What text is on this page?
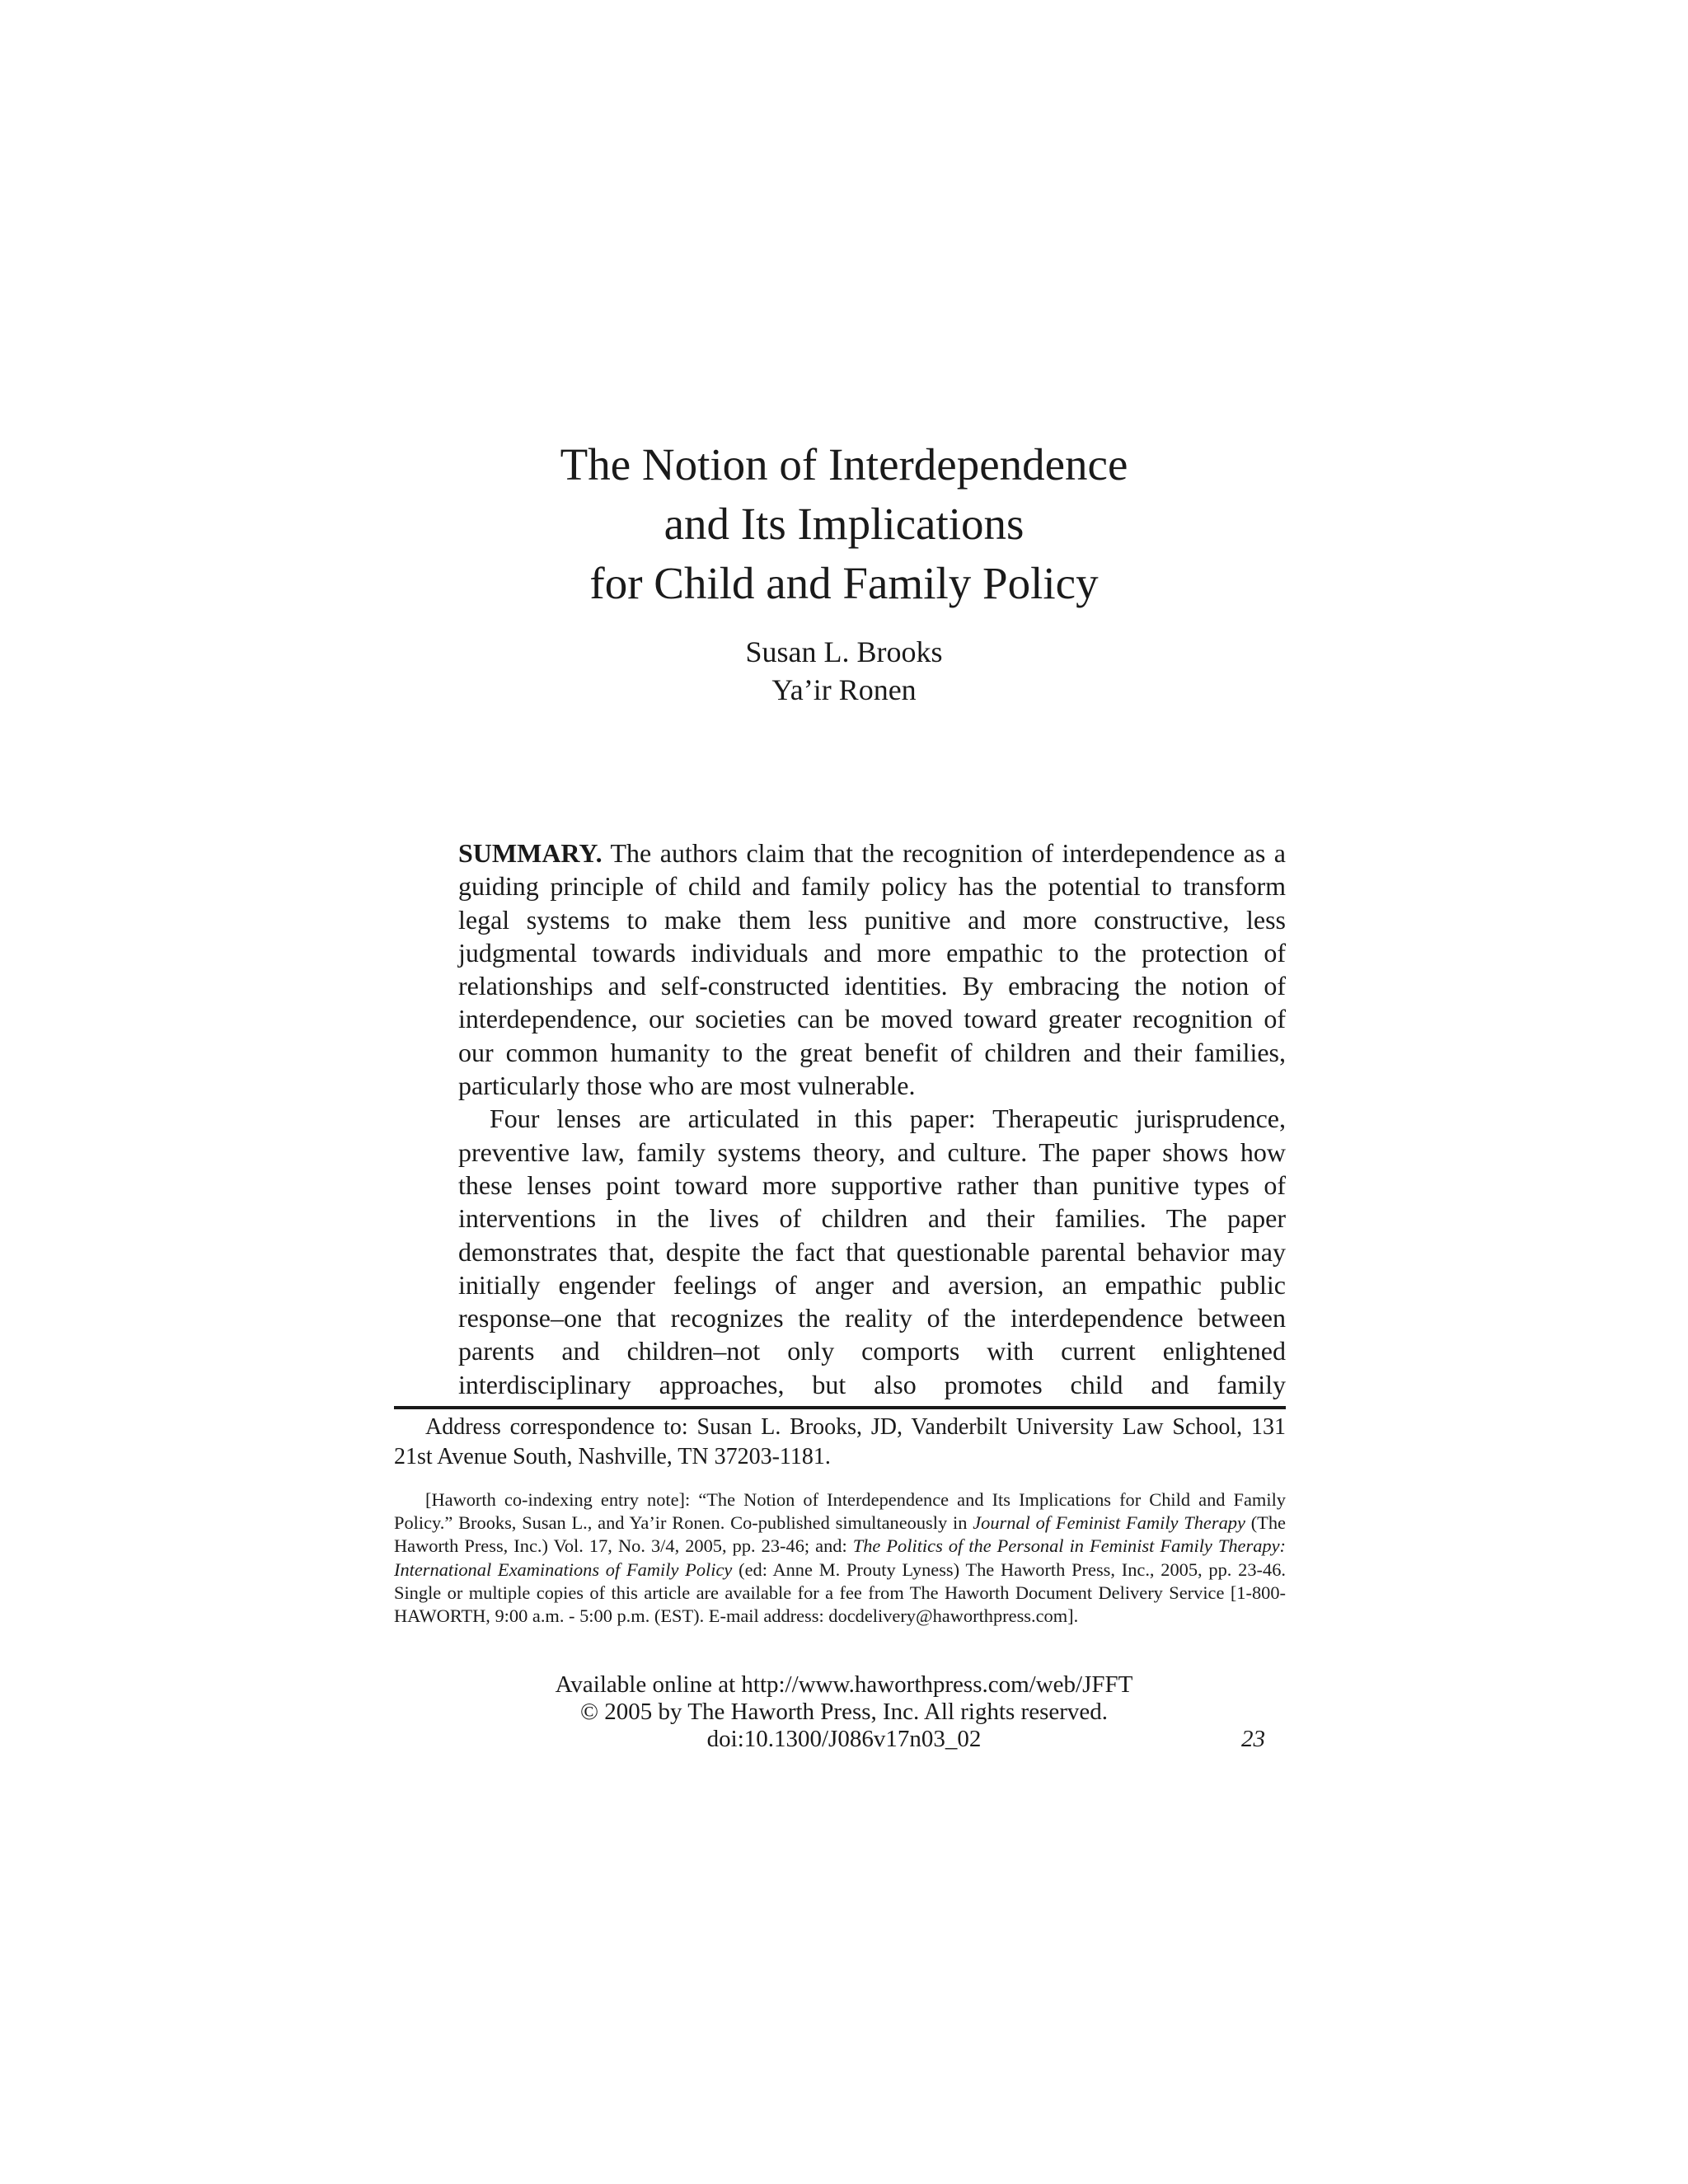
The Notion of Interdependence
and Its Implications
for Child and Family Policy
Susan L. Brooks
Ya’ir Ronen

SUMMARY. The authors claim that the recognition of interdependence as a guiding principle of child and family policy has the potential to transform legal systems to make them less punitive and more constructive, less judgmental towards individuals and more empathic to the protection of relationships and self-constructed identities. By embracing the notion of interdependence, our societies can be moved toward greater recognition of our common humanity to the great benefit of children and their families, particularly those who are most vulnerable.

Four lenses are articulated in this paper: Therapeutic jurisprudence, preventive law, family systems theory, and culture. The paper shows how these lenses point toward more supportive rather than punitive types of interventions in the lives of children and their families. The paper demonstrates that, despite the fact that questionable parental behavior may initially engender feelings of anger and aversion, an empathic public response–one that recognizes the reality of the interdependence between parents and children–not only comports with current enlightened interdisciplinary approaches, but also promotes child and family

Address correspondence to: Susan L. Brooks, JD, Vanderbilt University Law School, 131 21st Avenue South, Nashville, TN 37203-1181.

[Haworth co-indexing entry note]: “The Notion of Interdependence and Its Implications for Child and Family Policy.” Brooks, Susan L., and Ya’ir Ronen. Co-published simultaneously in Journal of Feminist Family Therapy (The Haworth Press, Inc.) Vol. 17, No. 3/4, 2005, pp. 23-46; and: The Politics of the Personal in Feminist Family Therapy: International Examinations of Family Policy (ed: Anne M. Prouty Lyness) The Haworth Press, Inc., 2005, pp. 23-46. Single or multiple copies of this article are available for a fee from The Haworth Document Delivery Service [1-800-HAWORTH, 9:00 a.m. - 5:00 p.m. (EST). E-mail address: docdelivery@haworthpress.com].

Available online at http://www.haworthpress.com/web/JFFT
© 2005 by The Haworth Press, Inc. All rights reserved.
doi:10.1300/J086v17n03_02	23
